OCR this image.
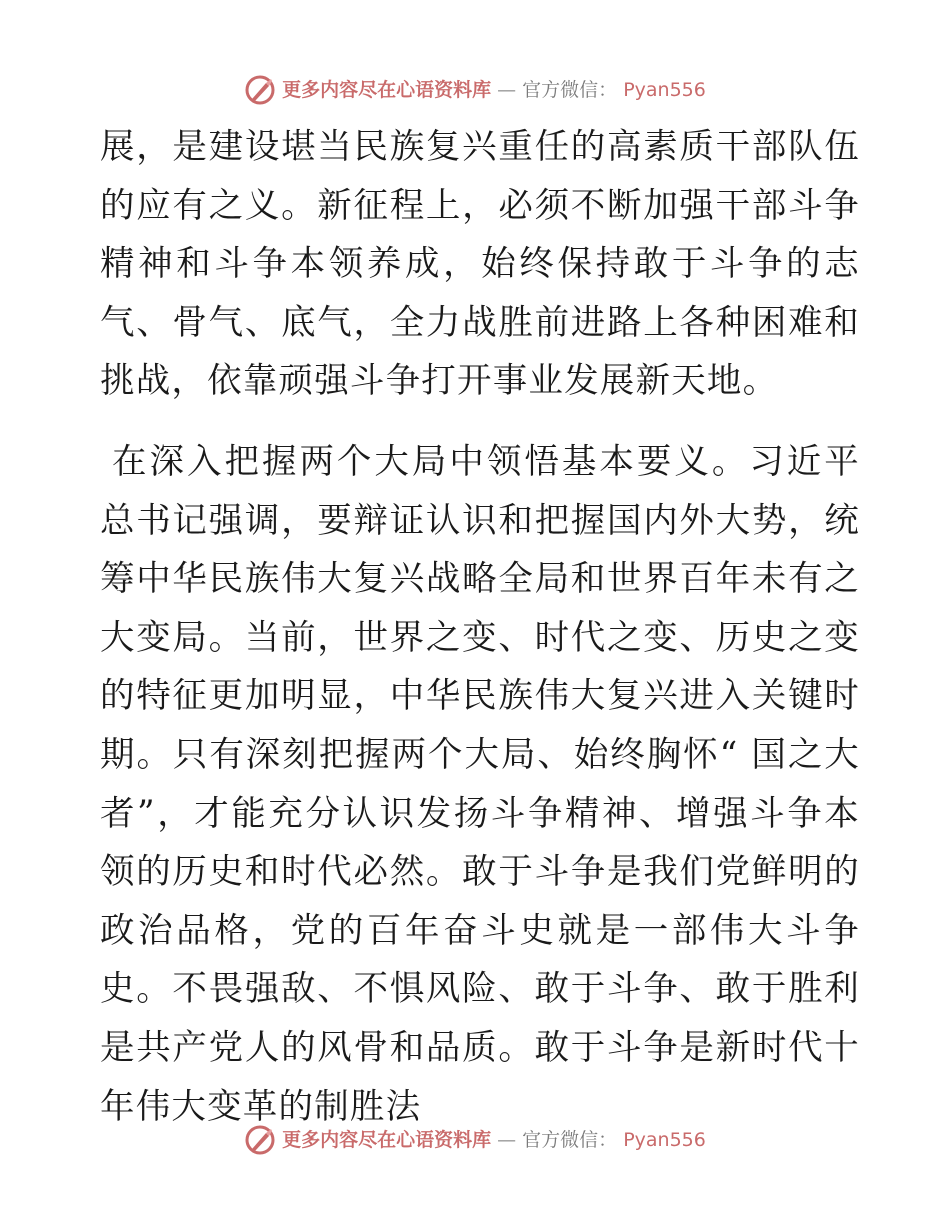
更多内容尽在心语资料库 — 官方微信： Pyan556

展，是建设堪当民族复兴重任的高素质干部队伍的应有之义。新征程上，必须不断加强干部斗争精神和斗争本领养成，始终保持敢于斗争的志气、骨气、底气，全力战胜前进路上各种困难和挑战，依靠顽强斗争打开事业发展新天地。

在深入把握两个大局中领悟基本要义。习近平总书记强调，要辩证认识和把握国内外大势，统筹中华民族伟大复兴战略全局和世界百年未有之大变局。当前，世界之变、时代之变、历史之变的特征更加明显，中华民族伟大复兴进入关键时期。只有深刻把握两个大局、始终胸怀“ 国之大者”，才能充分认识发扬斗争精神、增强斗争本领的历史和时代必然。敢于斗争是我们党鲜明的政治品格，党的百年奋斗史就是一部伟大斗争史。不畏强敌、不惧风险、敢于斗争、敢于胜利是共产党人的风骨和品质。敢于斗争是新时代十年伟大变革的制胜法

更多内容尽在心语资料库 — 官方微信： Pyan556
